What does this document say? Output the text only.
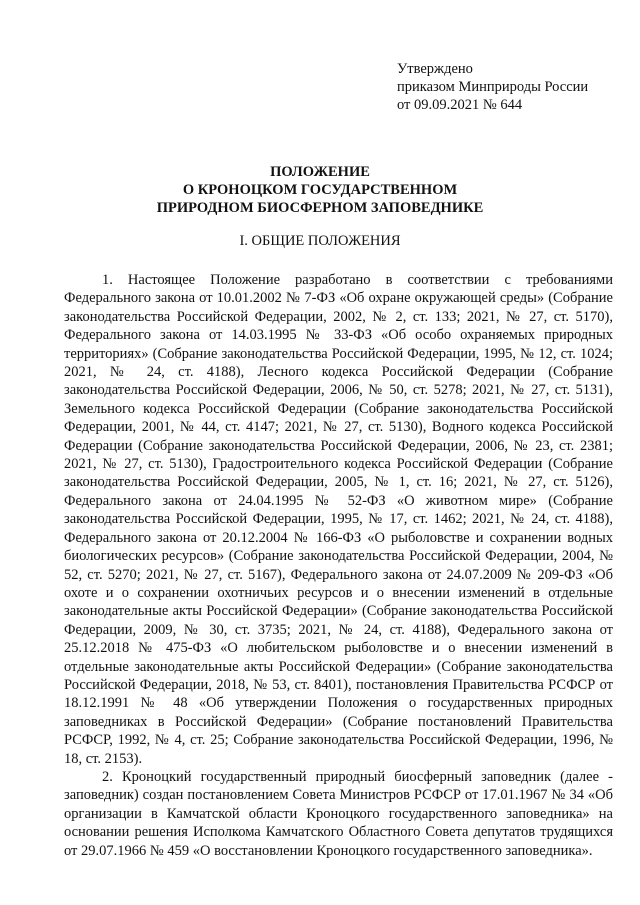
Утверждено
приказом Минприроды России
от 09.09.2021 № 644
ПОЛОЖЕНИЕ
О КРОНОЦКОМ ГОСУДАРСТВЕННОМ
ПРИРОДНОМ БИОСФЕРНОМ ЗАПОВЕДНИКЕ
I. ОБЩИЕ ПОЛОЖЕНИЯ

1. Настоящее Положение разработано в соответствии с требованиями Федерального закона от 10.01.2002 № 7-ФЗ «Об охране окружающей среды» (Собрание законодательства Российской Федерации, 2002, № 2, ст. 133; 2021, № 27, ст. 5170), Федерального закона от 14.03.1995 № 33-ФЗ «Об особо охраняемых природных территориях» (Собрание законодательства Российской Федерации, 1995, № 12, ст. 1024; 2021, № 24, ст. 4188), Лесного кодекса Российской Федерации (Собрание законодательства Российской Федерации, 2006, № 50, ст. 5278; 2021, № 27, ст. 5131), Земельного кодекса Российской Федерации (Собрание законодательства Российской Федерации, 2001, № 44, ст. 4147; 2021, № 27, ст. 5130), Водного кодекса Российской Федерации (Собрание законодательства Российской Федерации, 2006, № 23, ст. 2381; 2021, № 27, ст. 5130), Градостроительного кодекса Российской Федерации (Собрание законодательства Российской Федерации, 2005, № 1, ст. 16; 2021, № 27, ст. 5126), Федерального закона от 24.04.1995 № 52-ФЗ «О животном мире» (Собрание законодательства Российской Федерации, 1995, № 17, ст. 1462; 2021, № 24, ст. 4188), Федерального закона от 20.12.2004 № 166-ФЗ «О рыболовстве и сохранении водных биологических ресурсов» (Собрание законодательства Российской Федерации, 2004, № 52, ст. 5270; 2021, № 27, ст. 5167), Федерального закона от 24.07.2009 № 209-ФЗ «Об охоте и о сохранении охотничьих ресурсов и о внесении изменений в отдельные законодательные акты Российской Федерации» (Собрание законодательства Российской Федерации, 2009, № 30, ст. 3735; 2021, № 24, ст. 4188), Федерального закона от 25.12.2018 № 475-ФЗ «О любительском рыболовстве и о внесении изменений в отдельные законодательные акты Российской Федерации» (Собрание законодательства Российской Федерации, 2018, № 53, ст. 8401), постановления Правительства РСФСР от 18.12.1991 № 48 «Об утверждении Положения о государственных природных заповедниках в Российской Федерации» (Собрание постановлений Правительства РСФСР, 1992, № 4, ст. 25; Собрание законодательства Российской Федерации, 1996, № 18, ст. 2153).

2. Кроноцкий государственный природный биосферный заповедник (далее - заповедник) создан постановлением Совета Министров РСФСР от 17.01.1967 № 34 «Об организации в Камчатской области Кроноцкого государственного заповедника» на основании решения Исполкома Камчатского Областного Совета депутатов трудящихся от 29.07.1966 № 459 «О восстановлении Кроноцкого государственного заповедника».
